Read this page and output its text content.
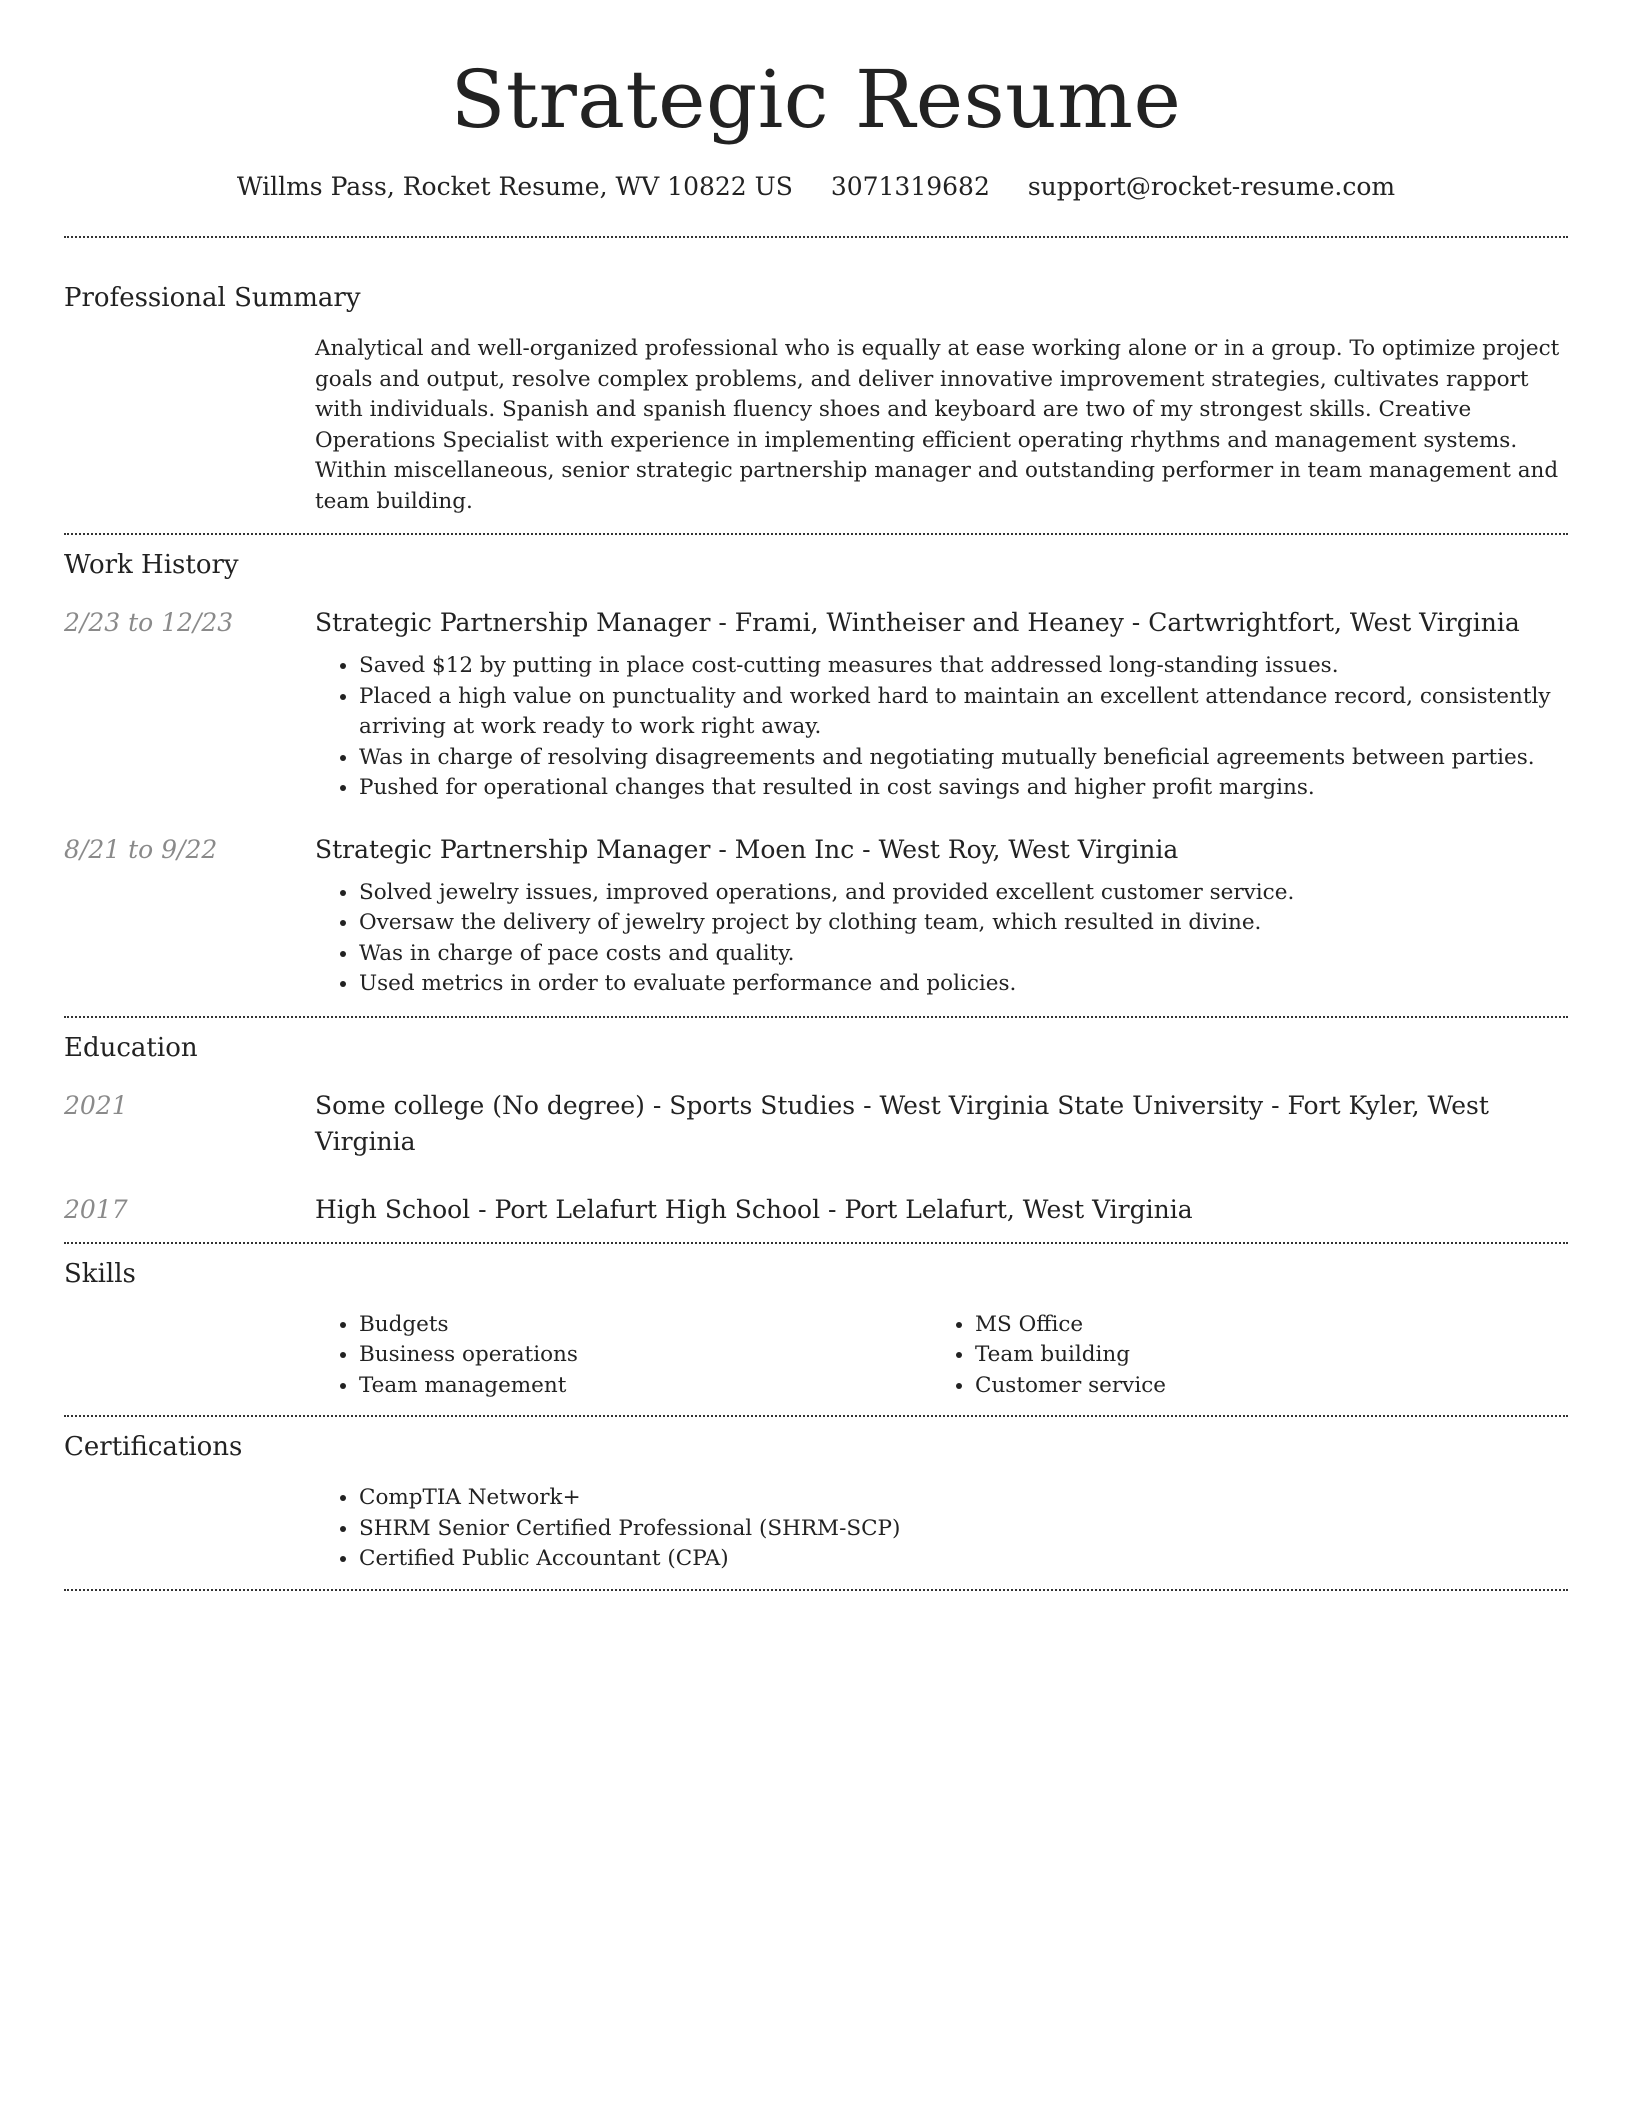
Strategic Resume
Willms Pass, Rocket Resume, WV 10822 US 3071319682 support@rocket-resume.com
Professional Summary

Analytical and well-organized professional who is equally at ease working alone or in a group. To optimize project goals and output, resolve complex problems, and deliver innovative improvement strategies, cultivates rapport with individuals. Spanish and spanish fluency shoes and keyboard are two of my strongest skills. Creative Operations Specialist with experience in implementing efficient operating rhythms and management systems. Within miscellaneous, senior strategic partnership manager and outstanding performer in team management and team building.

Work History
2/23 to 12/23	Strategic Partnership Manager - Frami, Wintheiser and Heaney - Cartwrightfort, West Virginia

• Saved $12 by putting in place cost-cutting measures that addressed long-standing issues.
• Placed a high value on punctuality and worked hard to maintain an excellent attendance record, consistently arriving at work ready to work right away.
• Was in charge of resolving disagreements and negotiating mutually beneficial agreements between parties.
• Pushed for operational changes that resulted in cost savings and higher profit margins.
8/21 to 9/22	Strategic Partnership Manager - Moen Inc - West Roy, West Virginia

• Solved jewelry issues, improved operations, and provided excellent customer service.
• Oversaw the delivery of jewelry project by clothing team, which resulted in divine.
• Was in charge of pace costs and quality.
• Used metrics in order to evaluate performance and policies.
Education
2021	Some college (No degree) - Sports Studies - West Virginia State University - Fort Kyler, West Virginia

2017	High School - Port Lelafurt High School - Port Lelafurt, West Virginia

Skills
• Budgets
• Business operations
• Team management
• MS Office
• Team building
• Customer service
Certifications
• CompTIA Network+
• SHRM Senior Certified Professional (SHRM-SCP)
• Certified Public Accountant (CPA)
